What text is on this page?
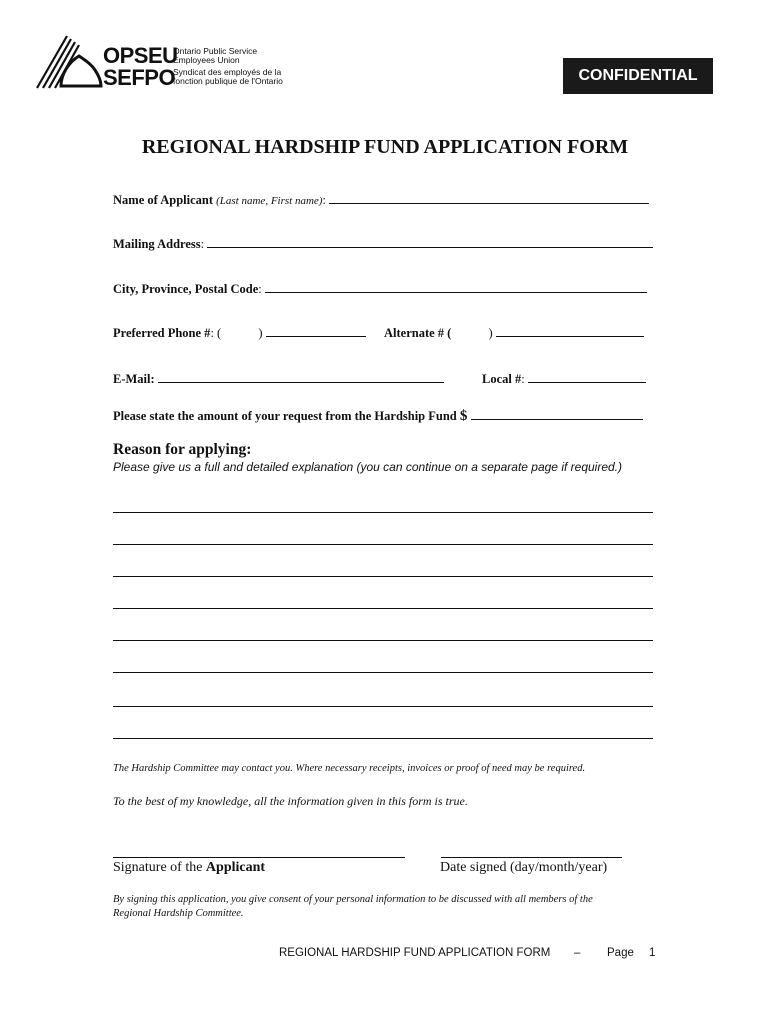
OPSEU
SEFPO
Ontario Public Service
Employees Union
Syndicat des employés de la
fonction publique de l'Ontario	CONFIDENTIAL
REGIONAL HARDSHIP FUND APPLICATION FORM
Name of Applicant (Last name, First name):
Mailing Address:
City, Province, Postal Code:
Preferred Phone #: (	)	Alternate # (	)
E-Mail:	Local #:
Please state the amount of your request from the Hardship Fund $
Reason for applying:
Please give us a full and detailed explanation (you can continue on a separate page if required.)
The Hardship Committee may contact you. Where necessary receipts, invoices or proof of need may be required.
To the best of my knowledge, all the information given in this form is true.
Signature of the Applicant	Date signed (day/month/year)
By signing this application, you give consent of your personal information to be discussed with all members of the
Regional Hardship Committee.
REGIONAL HARDSHIP FUND APPLICATION FORM – Page 1
